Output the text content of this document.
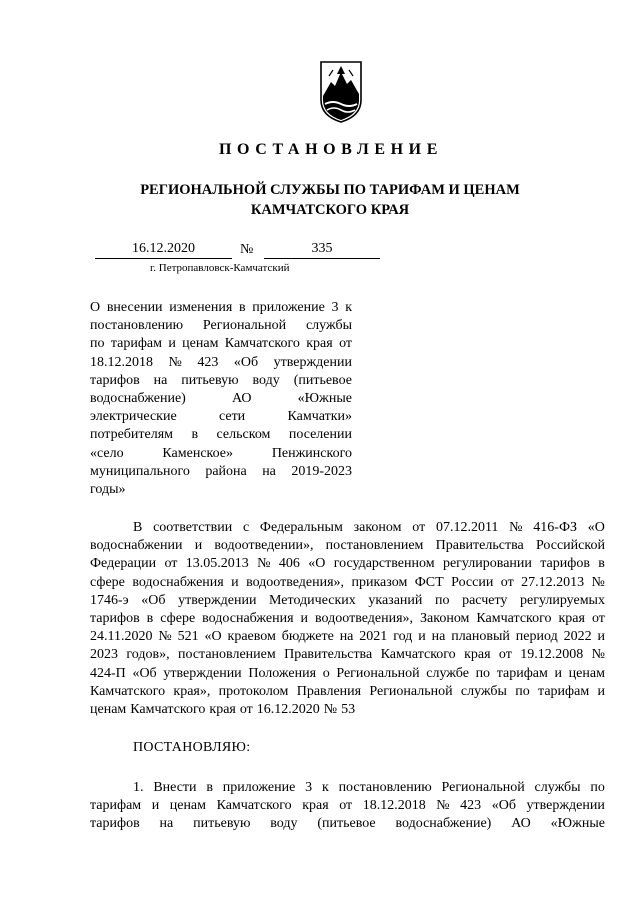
ПОСТАНОВЛЕНИЕ
РЕГИОНАЛЬНОЙ СЛУЖБЫ ПО ТАРИФАМ И ЦЕНАМ
КАМЧАТСКОГО КРАЯ
16.12.2020	№	335
г. Петропавловск-Камчатский
О внесении изменения в приложение 3 к
постановлению Региональной службы
по тарифам и ценам Камчатского края от
18.12.2018 № 423 «Об утверждении
тарифов на питьевую воду (питьевое
водоснабжение)	АО	«Южные
электрические	сети	Камчатки»
потребителям в сельском поселении
«село	Каменское»	Пенжинского
муниципального района на 2019-2023
годы»
В соответствии с Федеральным законом от 07.12.2011 № 416-ФЗ «О
водоснабжении и водоотведении», постановлением Правительства Российской
Федерации от 13.05.2013 № 406 «О государственном регулировании тарифов в
сфере водоснабжения и водоотведения», приказом ФСТ России от 27.12.2013 №
1746-э «Об утверждении Методических указаний по расчету регулируемых
тарифов в сфере водоснабжения и водоотведения», Законом Камчатского края от
24.11.2020 № 521 «О краевом бюджете на 2021 год и на плановый период 2022 и
2023 годов», постановлением Правительства Камчатского края от 19.12.2008 №
424-П «Об утверждении Положения о Региональной службе по тарифам и ценам
Камчатского края», протоколом Правления Региональной службы по тарифам и
ценам Камчатского края от 16.12.2020 № 53
ПОСТАНОВЛЯЮ:
1. Внести в приложение 3 к постановлению Региональной службы по
тарифам и ценам Камчатского края от 18.12.2018 № 423 «Об утверждении
тарифов на питьевую воду (питьевое водоснабжение) АО «Южные
